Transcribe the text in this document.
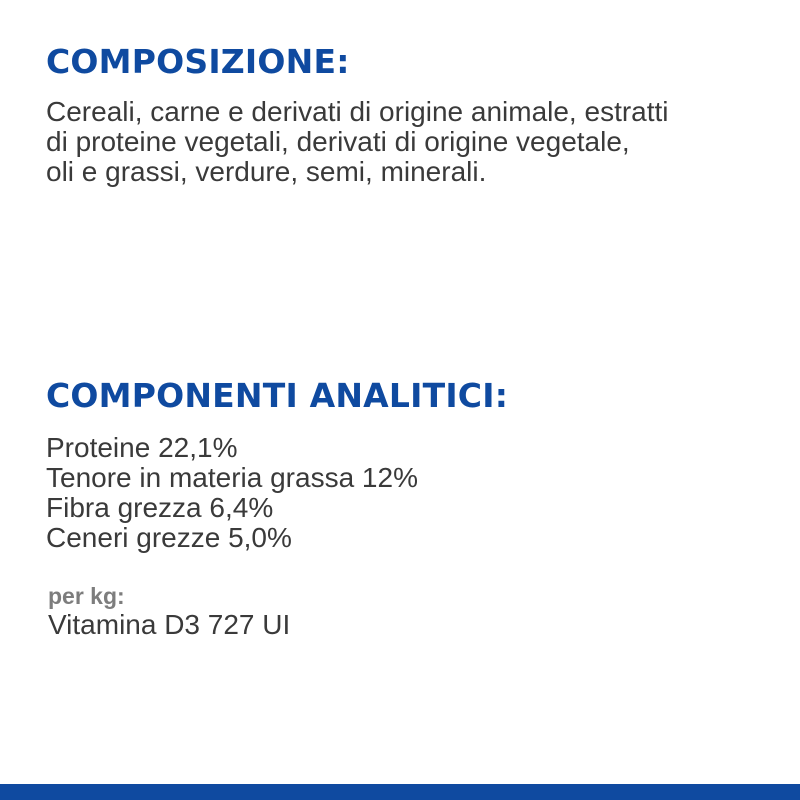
COMPOSIZIONE:

Cereali, carne e derivati di origine animale, estratti
di proteine vegetali, derivati di origine vegetale,
oli e grassi, verdure, semi, minerali.

COMPONENTI ANALITICI:

Proteine 22,1%
Tenore in materia grassa 12%
Fibra grezza 6,4%
Ceneri grezze 5,0%

per kg:
Vitamina D3 727 UI
